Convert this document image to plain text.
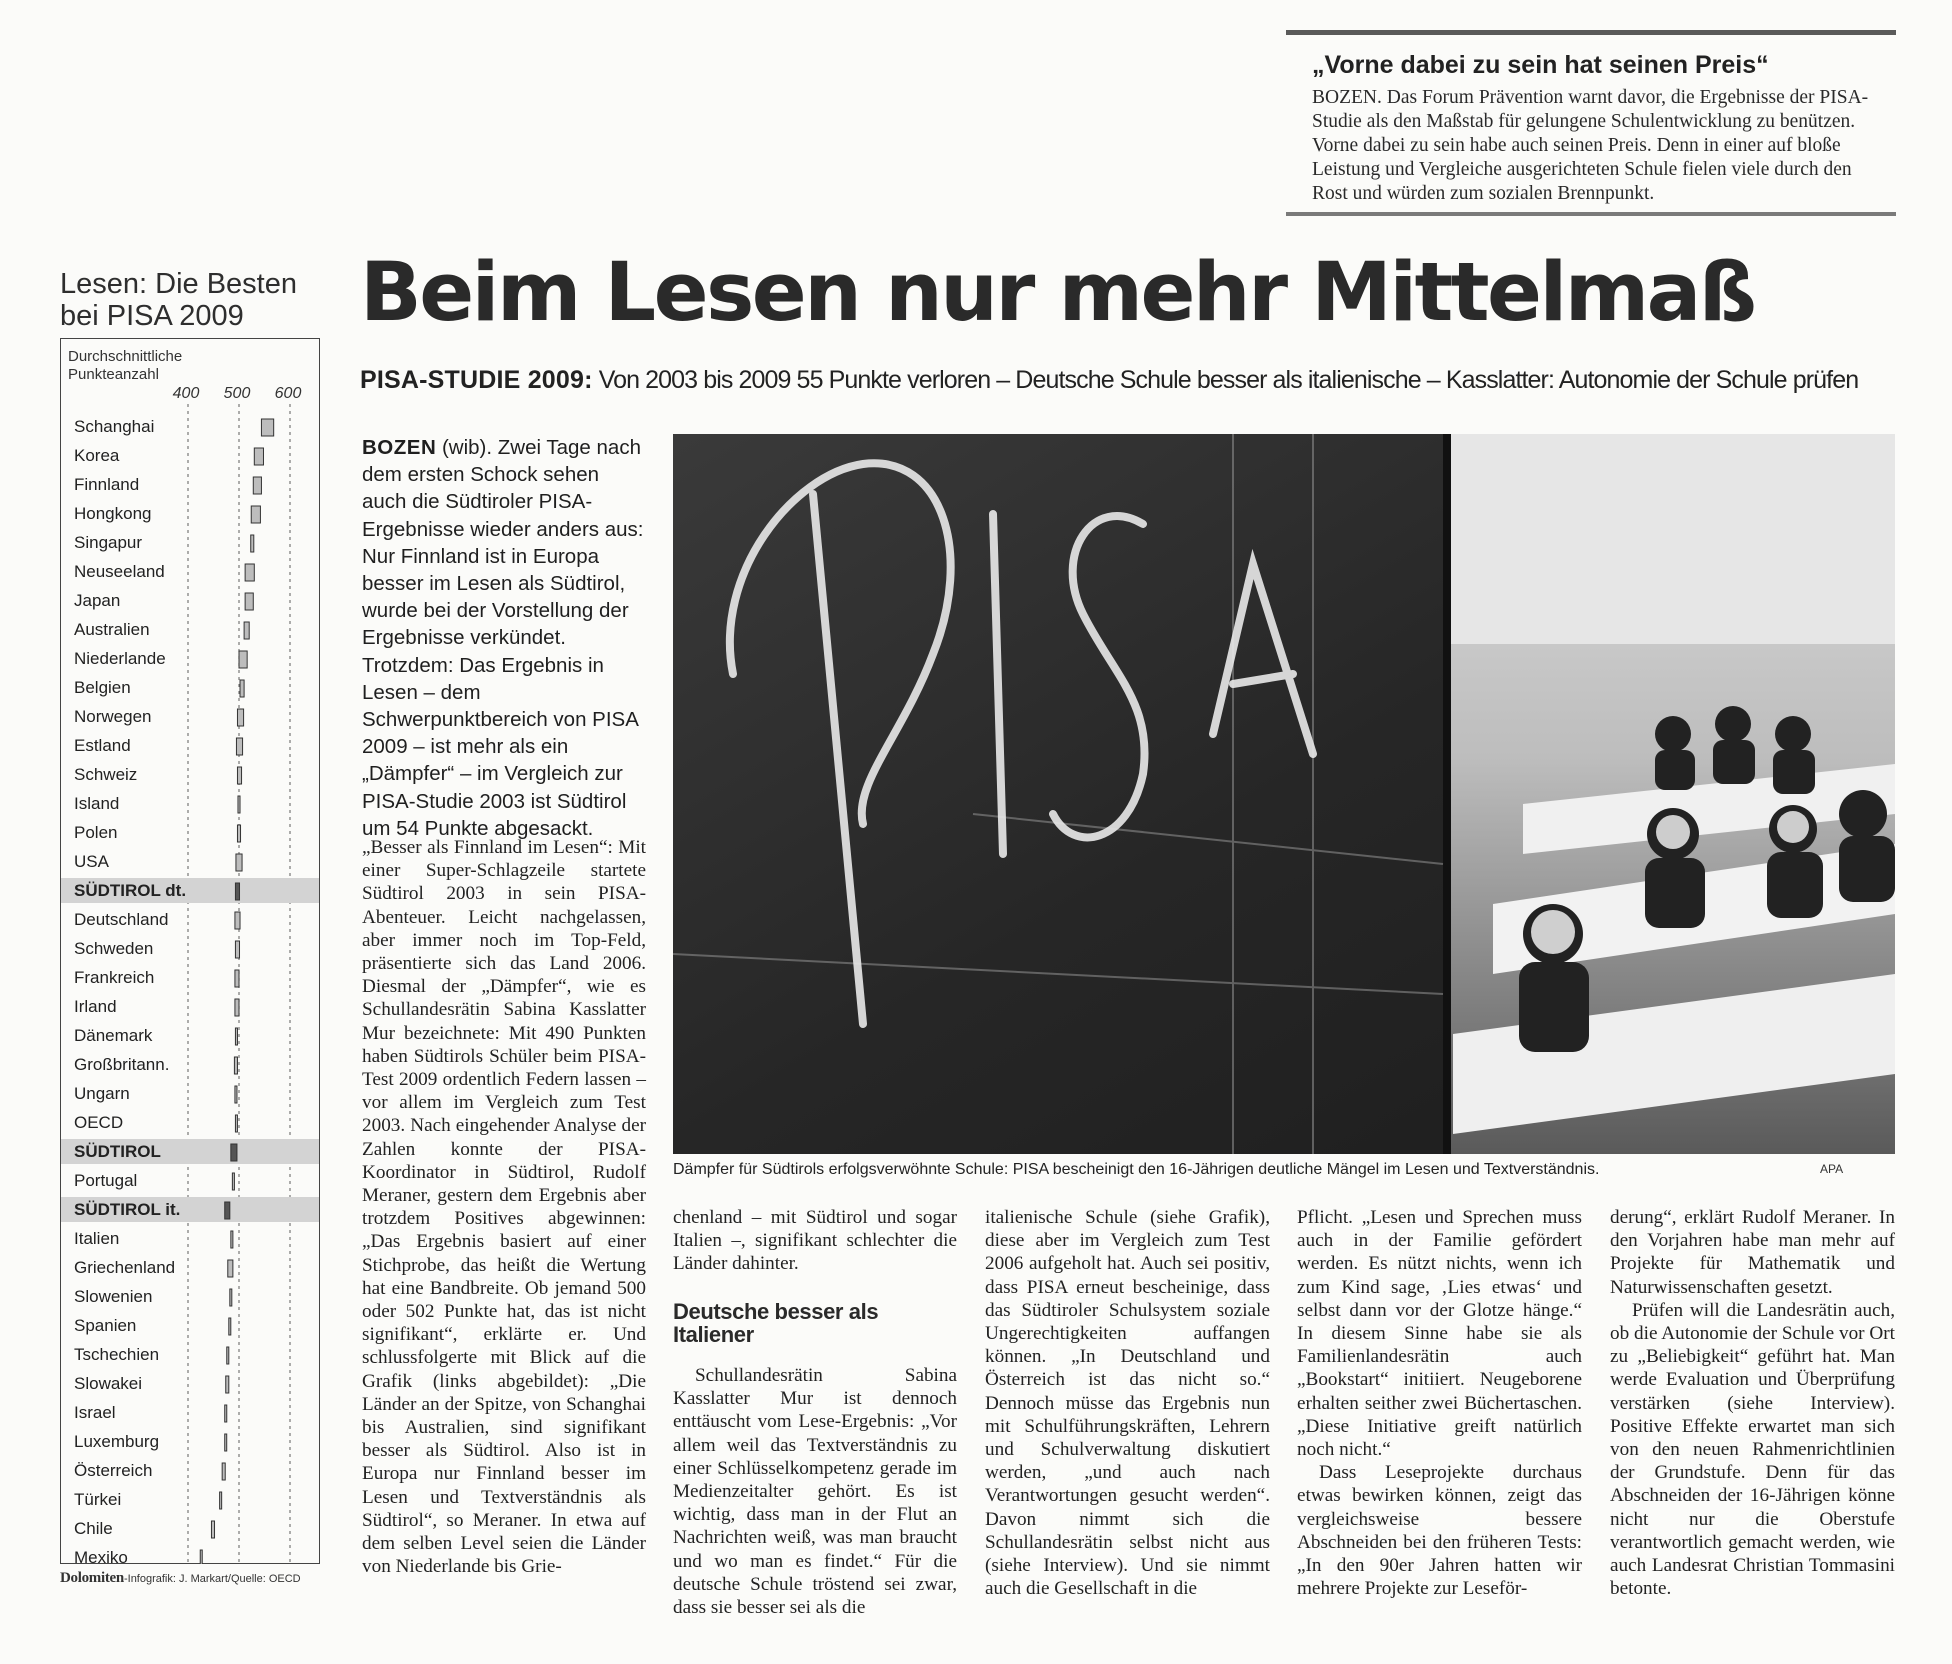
„Vorne dabei zu sein hat seinen Preis“
BOZEN. Das Forum Prävention warnt davor, die Ergebnisse der PISA-Studie als den Maßstab für gelungene Schulentwicklung zu benützen. Vorne dabei zu sein habe auch seinen Preis. Denn in einer auf bloße Leistung und Vergleiche ausgerichteten Schule fielen viele durch den Rost und würden zum sozialen Brennpunkt.
Lesen: Die Besten bei PISA 2009
Durchschnittliche
Punkteanzahl
400 500 600
Schanghai
Korea
Finnland
Hongkong
Singapur
Neuseeland
Japan
Australien
Niederlande
Belgien
Norwegen
Estland
Schweiz
Island
Polen
USA
SÜDTIROL dt.
Deutschland
Schweden
Frankreich
Irland
Dänemark
Großbritann.
Ungarn
OECD
SÜDTIROL
Portugal
SÜDTIROL it.
Italien
Griechenland
Slowenien
Spanien
Tschechien
Slowakei
Israel
Luxemburg
Österreich
Türkei
Chile
Mexiko
Dolomiten-Infografik: J. Markart/Quelle: OECD
Beim Lesen nur mehr Mittelmaß
PISA-STUDIE 2009: Von 2003 bis 2009 55 Punkte verloren – Deutsche Schule besser als italienische – Kasslatter: Autonomie der Schule prüfen
BOZEN (wib). Zwei Tage nach dem ersten Schock sehen auch die Südtiroler PISA-Ergebnisse wieder anders aus: Nur Finnland ist in Europa besser im Lesen als Südtirol, wurde bei der Vorstellung der Ergebnisse verkündet. Trotzdem: Das Ergebnis in Lesen – dem Schwerpunktbereich von PISA 2009 – ist mehr als ein „Dämpfer“ – im Vergleich zur PISA-Studie 2003 ist Südtirol um 54 Punkte abgesackt.
Dämpfer für Südtirols erfolgsverwöhnte Schule: PISA bescheinigt den 16-Jährigen deutliche Mängel im Lesen und Textverständnis.	APA

„Besser als Finnland im Lesen“: Mit einer Super-Schlagzeile startete Südtirol 2003 in sein PISA-Abenteuer. Leicht nachgelassen, aber immer noch im Top-Feld, präsentierte sich das Land 2006. Diesmal der „Dämpfer“, wie es Schullandesrätin Sabina Kasslatter Mur bezeichnete: Mit 490 Punkten haben Südtirols Schüler beim PISA-Test 2009 ordentlich Federn lassen – vor allem im Vergleich zum Test 2003. Nach eingehender Analyse der Zahlen konnte der PISA-Koordinator in Südtirol, Rudolf Meraner, gestern dem Ergebnis aber trotzdem Positives abgewinnen: „Das Ergebnis basiert auf einer Stichprobe, das heißt die Wertung hat eine Bandbreite. Ob jemand 500 oder 502 Punkte hat, das ist nicht signifikant“, erklärte er. Und schlussfolgerte mit Blick auf die Grafik (links abgebildet): „Die Länder an der Spitze, von Schanghai bis Australien, sind signifikant besser als Südtirol. Also ist in Europa nur Finnland besser im Lesen und Textverständnis als Südtirol“, so Meraner. In etwa auf dem selben Level seien die Länder von Niederlande bis Grie-

chenland – mit Südtirol und sogar Italien –, signifikant schlechter die Länder dahinter.

Deutsche besser als Italiener

Schullandesrätin Sabina Kasslatter Mur ist dennoch enttäuscht vom Lese-Ergebnis: „Vor allem weil das Textverständnis zu einer Schlüsselkompetenz gerade im Medienzeitalter gehört. Es ist wichtig, dass man in der Flut an Nachrichten weiß, was man braucht und wo man es findet.“ Für die deutsche Schule tröstend sei zwar, dass sie besser sei als die

italienische Schule (siehe Grafik), diese aber im Vergleich zum Test 2006 aufgeholt hat. Auch sei positiv, dass PISA erneut bescheinige, dass das Südtiroler Schulsystem soziale Ungerechtigkeiten auffangen können. „In Deutschland und Österreich ist das nicht so.“ Dennoch müsse das Ergebnis nun mit Schulführungskräften, Lehrern und Schulverwaltung diskutiert werden, „und auch nach Verantwortungen gesucht werden“. Davon nimmt sich die Schullandesrätin selbst nicht aus (siehe Interview). Und sie nimmt auch die Gesellschaft in die

Pflicht. „Lesen und Sprechen muss auch in der Familie gefördert werden. Es nützt nichts, wenn ich zum Kind sage, ‚Lies etwas‘ und selbst dann vor der Glotze hänge.“ In diesem Sinne habe sie als Familienlandesrätin auch „Bookstart“ initiiert. Neugeborene erhalten seither zwei Büchertaschen. „Diese Initiative greift natürlich noch nicht.“

Dass Leseprojekte durchaus etwas bewirken können, zeigt das vergleichsweise bessere Abschneiden bei den früheren Tests: „In den 90er Jahren hatten wir mehrere Projekte zur Leseför-

derung“, erklärt Rudolf Meraner. In den Vorjahren habe man mehr auf Projekte für Mathematik und Naturwissenschaften gesetzt.

Prüfen will die Landesrätin auch, ob die Autonomie der Schule vor Ort zu „Beliebigkeit“ geführt hat. Man werde Evaluation und Überprüfung verstärken (siehe Interview). Positive Effekte erwartet man sich von den neuen Rahmenrichtlinien der Grundstufe. Denn für das Abschneiden der 16-Jährigen könne nicht nur die Oberstufe verantwortlich gemacht werden, wie auch Landesrat Christian Tommasini betonte.
